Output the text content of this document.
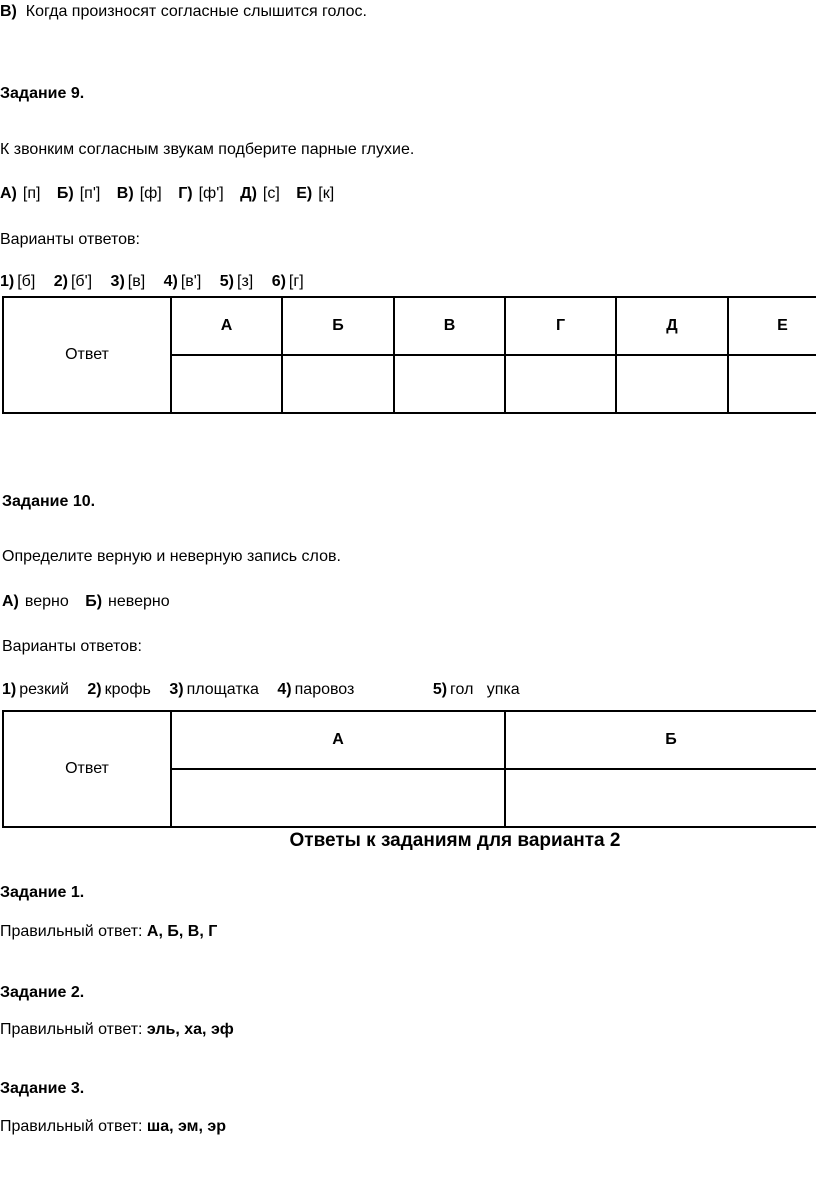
В) Когда произносят согласные слышится голос.
Задание 9.
К звонким согласным звукам подберите парные глухие.
А) [п] Б) [п'] В) [ф] Г) [ф'] Д) [с] Е) [к]
Варианты ответов:
1) [б] 2) [б'] 3) [в] 4) [в'] 5) [з] 6) [г]
Ответ	А	Б	В	Г	Д	Е

Задание 10.
Определите верную и неверную запись слов.
А) верно Б) неверно
Варианты ответов:
1) резкий 2) крофь 3) площатка 4) паровоз	5) гол   упка
Ответ	А	Б

Ответы к заданиям для варианта 2
Задание 1.
Правильный ответ: А, Б, В, Г
Задание 2.
Правильный ответ: эль, ха, эф
Задание 3.
Правильный ответ: ша, эм, эр
